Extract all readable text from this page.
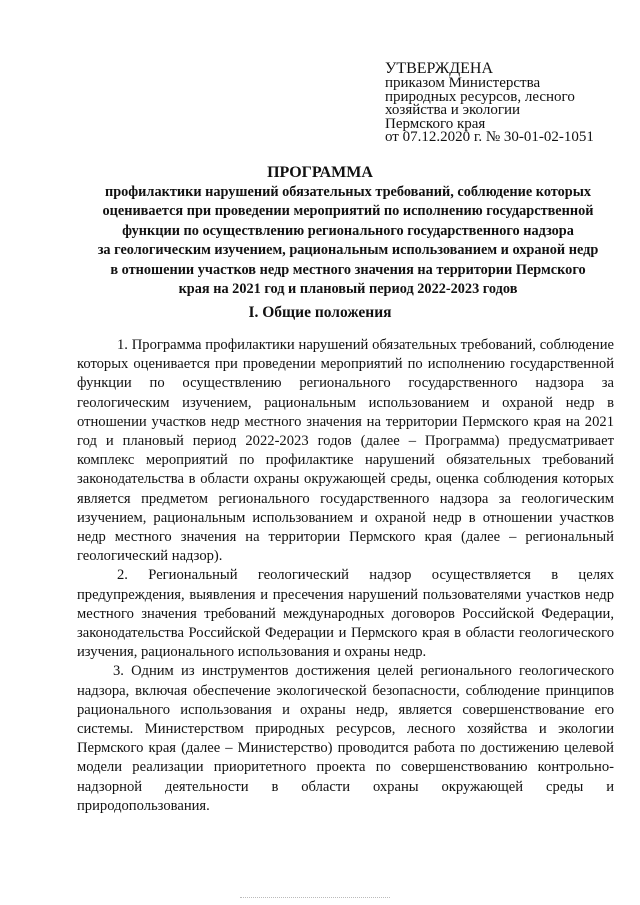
УТВЕРЖДЕНА
приказом Министерства
природных ресурсов, лесного
хозяйства и экологии
Пермского края
от 07.12.2020 г. № 30-01-02-1051
ПРОГРАММА
профилактики нарушений обязательных требований, соблюдение которых
оценивается при проведении мероприятий по исполнению государственной
функции по осуществлению регионального государственного надзора
за геологическим изучением, рациональным использованием и охраной недр
в отношении участков недр местного значения на территории Пермского
края на 2021 год и плановый период 2022-2023 годов
I. Общие положения

1. Программа профилактики нарушений обязательных требований, соблюдение которых оценивается при проведении мероприятий по исполнению государственной функции по осуществлению регионального государственного надзора за геологическим изучением, рациональным использованием и охраной недр в отношении участков недр местного значения на территории Пермского края на 2021 год и плановый период 2022-2023 годов (далее – Программа) предусматривает комплекс мероприятий по профилактике нарушений обязательных требований законодательства в области охраны окружающей среды, оценка соблюдения которых является предметом регионального государственного надзора за геологическим изучением, рациональным использованием и охраной недр в отношении участков недр местного значения на территории Пермского края (далее – региональный геологический надзор).

2. Региональный геологический надзор осуществляется в целях предупреждения, выявления и пресечения нарушений пользователями участков недр местного значения требований международных договоров Российской Федерации, законодательства Российской Федерации и Пермского края в области геологического изучения, рационального использования и охраны недр.

3. Одним из инструментов достижения целей регионального геологического надзора, включая обеспечение экологической безопасности, соблюдение принципов рационального использования и охраны недр, является совершенствование его системы. Министерством природных ресурсов, лесного хозяйства и экологии Пермского края (далее – Министерство) проводится работа по достижению целевой модели реализации приоритетного проекта по совершенствованию контрольно-надзорной деятельности в области охраны окружающей среды и природопользования.
